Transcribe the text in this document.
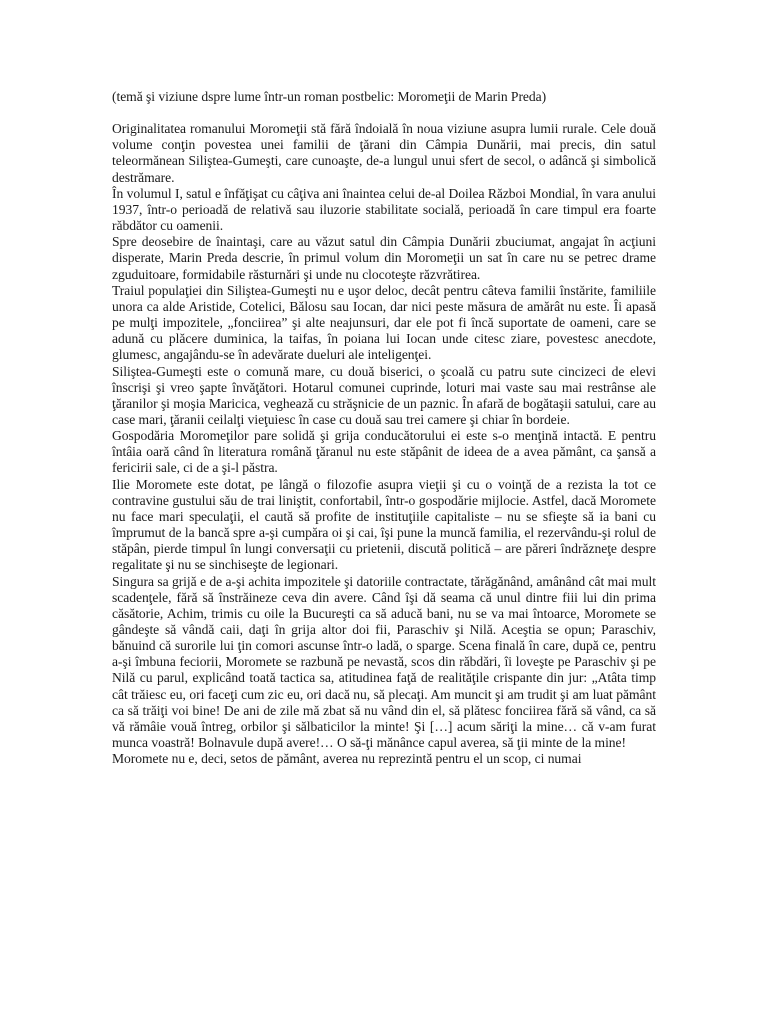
(temă şi viziune dspre lume într-un roman postbelic: Moromeţii de Marin Preda)

Originalitatea romanului Moromeţii stă fără îndoială în noua viziune asupra lumii rurale. Cele două volume conţin povestea unei familii de ţărani din Câmpia Dunării, mai precis, din satul teleormănean Siliştea-Gumeşti, care cunoaşte, de-a lungul unui sfert de secol, o adâncă şi simbolică destrămare.

În volumul I, satul e înfăţişat cu câţiva ani înaintea celui de-al Doilea Război Mondial, în vara anului 1937, într-o perioadă de relativă sau iluzorie stabilitate socială, perioadă în care timpul era foarte răbdător cu oamenii.

Spre deosebire de înaintaşi, care au văzut satul din Câmpia Dunării zbuciumat, angajat în acţiuni disperate, Marin Preda descrie, în primul volum din Moromeţii un sat în care nu se petrec drame zguduitoare, formidabile răsturnări şi unde nu clocoteşte răzvrătirea.

Traiul populaţiei din Siliştea-Gumeşti nu e uşor deloc, decât pentru câteva familii înstărite, familiile unora ca alde Aristide, Cotelici, Bălosu sau Iocan, dar nici peste măsura de amărât nu este. Îi apasă pe mulţi impozitele, „fonciirea” şi alte neajunsuri, dar ele pot fi încă suportate de oameni, care se adună cu plăcere duminica, la taifas, în poiana lui Iocan unde citesc ziare, povestesc anecdote, glumesc, angajându-se în adevărate dueluri ale inteligenţei.

Siliştea-Gumeşti este o comună mare, cu două biserici, o şcoală cu patru sute cincizeci de elevi înscrişi şi vreo şapte învăţători. Hotarul comunei cuprinde, loturi mai vaste sau mai restrânse ale ţăranilor şi moşia Maricica, veghează cu străşnicie de un paznic. În afară de bogătaşii satului, care au case mari, ţăranii ceilalţi vieţuiesc în case cu două sau trei camere şi chiar în bordeie.

Gospodăria Moromeţilor pare solidă şi grija conducătorului ei este s-o menţină intactă. E pentru întâia oară când în literatura română ţăranul nu este stăpânit de ideea de a avea pământ, ca şansă a fericirii sale, ci de a şi-l păstra.

Ilie Moromete este dotat, pe lângă o filozofie asupra vieţii şi cu o voinţă de a rezista la tot ce contravine gustului său de trai liniştit, confortabil, într-o gospodărie mijlocie. Astfel, dacă Moromete nu face mari speculaţii, el caută să profite de instituţiile capitaliste – nu se sfieşte să ia bani cu împrumut de la bancă spre a-şi cumpăra oi şi cai, îşi pune la muncă familia, el rezervându-şi rolul de stăpân, pierde timpul în lungi conversaţii cu prietenii, discută politică – are păreri îndrăzneţe despre regalitate şi nu se sinchiseşte de legionari.

Singura sa grijă e de a-şi achita impozitele şi datoriile contractate, tărăgănând, amânând cât mai mult scadenţele, fără să înstrăineze ceva din avere. Când îşi dă seama că unul dintre fiii lui din prima căsătorie, Achim, trimis cu oile la Bucureşti ca să aducă bani, nu se va mai întoarce, Moromete se gândeşte să vândă caii, daţi în grija altor doi fii, Paraschiv şi Nilă. Aceştia se opun; Paraschiv, bănuind că surorile lui ţin comori ascunse într-o ladă, o sparge. Scena finală în care, după ce, pentru a-şi îmbuna feciorii, Moromete se razbună pe nevastă, scos din răbdări, îi loveşte pe Paraschiv şi pe Nilă cu parul, explicând toată tactica sa, atitudinea faţă de realităţile crispante din jur: „Atâta timp cât trăiesc eu, ori faceţi cum zic eu, ori dacă nu, să plecaţi. Am muncit şi am trudit şi am luat pământ ca să trăiţi voi bine! De ani de zile mă zbat să nu vând din el, să plătesc fonciirea fără să vând, ca să vă rămâie vouă întreg, orbilor şi sălbaticilor la minte! Şi […] acum săriţi la mine… că v-am furat munca voastră! Bolnavule după avere!… O să-ţi mănânce capul averea, să ţii minte de la mine!

Moromete nu e, deci, setos de pământ, averea nu reprezintă pentru el un scop, ci numai
